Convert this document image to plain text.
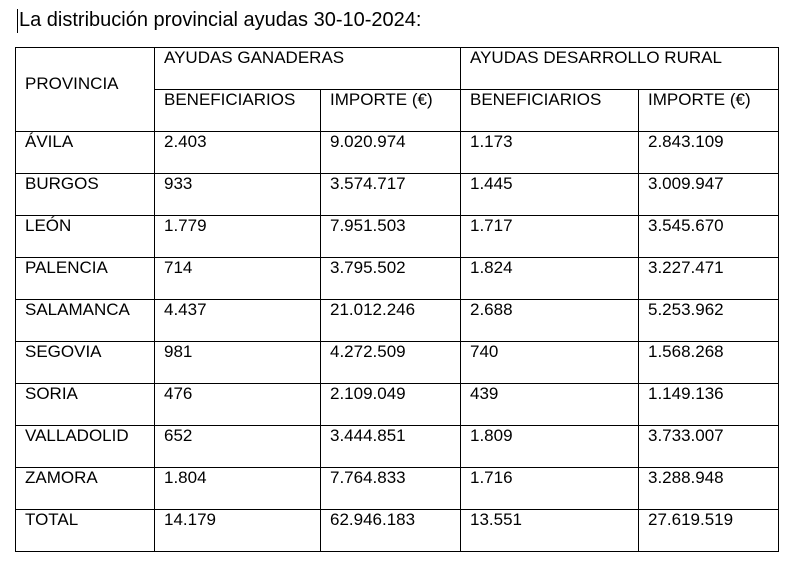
La distribución provincial ayudas 30-10-2024:
PROVINCIA	AYUDAS GANADERAS		AYUDAS DESARROLLO RURAL	
	BENEFICIARIOS	IMPORTE (€)	BENEFICIARIOS	IMPORTE (€)
ÁVILA	2.403	9.020.974	1.173	2.843.109
BURGOS	933	3.574.717	1.445	3.009.947
LEÓN	1.779	7.951.503	1.717	3.545.670
PALENCIA	714	3.795.502	1.824	3.227.471
SALAMANCA	4.437	21.012.246	2.688	5.253.962
SEGOVIA	981	4.272.509	740	1.568.268
SORIA	476	2.109.049	439	1.149.136
VALLADOLID	652	3.444.851	1.809	3.733.007
ZAMORA	1.804	7.764.833	1.716	3.288.948
TOTAL	14.179	62.946.183	13.551	27.619.519
